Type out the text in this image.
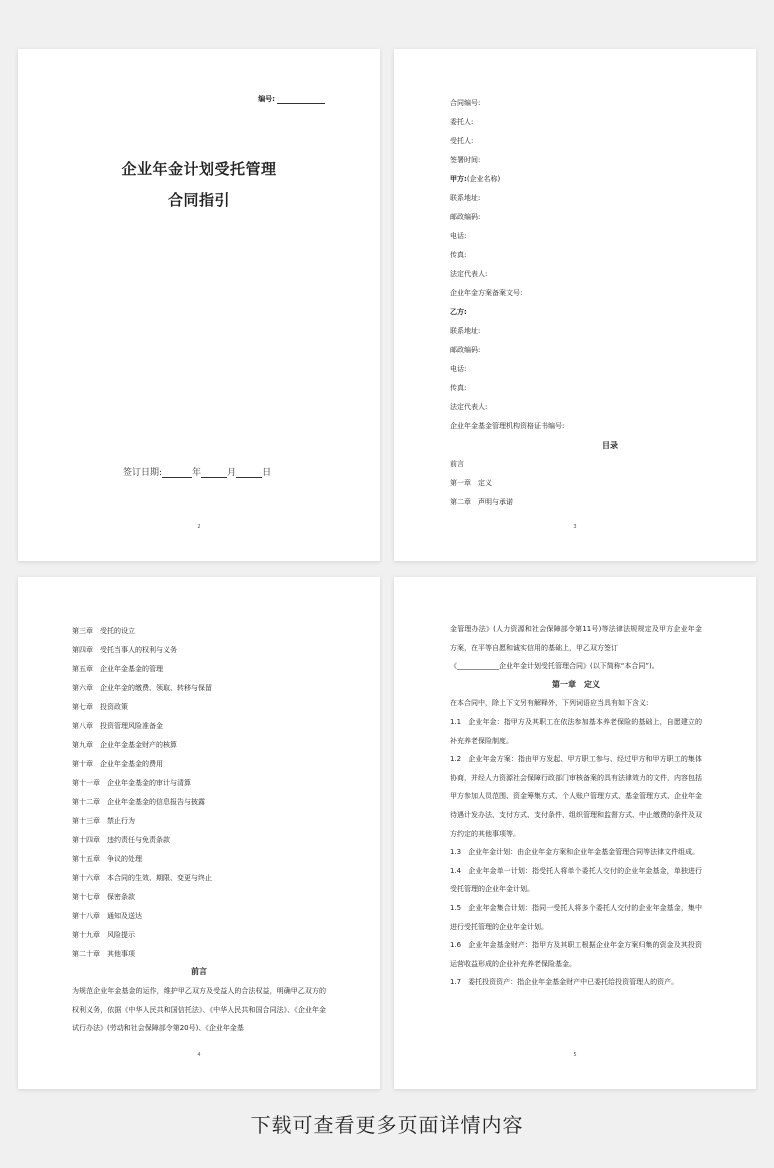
编号:
企业年金计划受托管理
合同指引
签订日期:	年	月	日
2
合同编号:
委托人:
受托人:
签署时间:
甲方:(企业名称)
联系地址:
邮政编码:
电话:
传真:
法定代表人:
企业年金方案备案文号:
乙方:
联系地址:
邮政编码:
电话:
传真:
法定代表人:
企业年金基金管理机构资格证书编号:
目录
前言
第一章　定义
第二章　声明与承诺
3
第三章　受托的设立
第四章　受托当事人的权利与义务
第五章　企业年金基金的管理
第六章　企业年金的缴费、领取、转移与保留
第七章　投资政策
第八章　投资管理风险准备金
第九章　企业年金基金财产的核算
第十章　企业年金基金的费用
第十一章　企业年金基金的审计与清算
第十二章　企业年金基金的信息报告与披露
第十三章　禁止行为
第十四章　违约责任与免责条款
第十五章　争议的处理
第十六章　本合同的生效、期限、变更与终止
第十七章　保密条款
第十八章　通知及送达
第十九章　风险提示
第二十章　其他事项
前言

为规范企业年金基金的运作，维护甲乙双方及受益人的合法权益，明确甲乙双方的权利义务，依据《中华人民共和国信托法》、《中华人民共和国合同法》、《企业年金试行办法》(劳动和社会保障部令第20号)、《企业年金基

4
金管理办法》(人力资源和社会保障部令第11号)等法律法规规定及甲方企业年金方案，在平等自愿和诚实信用的基础上，甲乙双方签订
《____________企业年金计划受托管理合同》(以下简称“本合同”)。
第一章　定义
在本合同中，除上下文另有解释外，下列词语应当具有如下含义:
1.1　企业年金：指甲方及其职工在依法参加基本养老保险的基础上，自愿建立的补充养老保险制度。
1.2　企业年金方案：指由甲方发起、甲方职工参与、经过甲方和甲方职工的集体协商，并经人力资源社会保障行政部门审核备案的具有法律效力的文件，内容包括甲方参加人员范围、资金筹集方式、个人账户管理方式、基金管理方式、企业年金待遇计发办法、支付方式、支付条件、组织管理和监督方式、中止缴费的条件及双方约定的其他事项等。
1.3　企业年金计划：由企业年金方案和企业年金基金管理合同等法律文件组成。
1.4　企业年金单一计划：指受托人将单个委托人交付的企业年金基金，单独进行受托管理的企业年金计划。
1.5　企业年金集合计划：指同一受托人将多个委托人交付的企业年金基金，集中进行受托管理的企业年金计划。
1.6　企业年金基金财产：指甲方及其职工根据企业年金方案归集的资金及其投资运营收益形成的企业补充养老保险基金。
1.7　委托投资资产：指企业年金基金财产中已委托给投资管理人的资产。
5
下载可查看更多页面详情内容
